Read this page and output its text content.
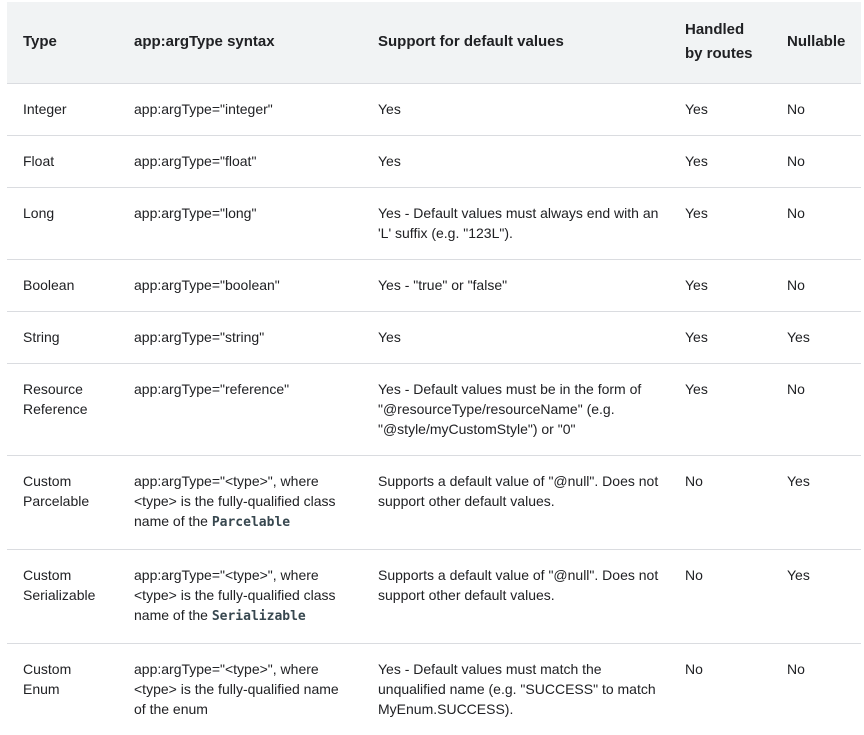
Type	app:argType syntax	Support for default values	Handled by routes	Nullable
Integer	app:argType="integer"	Yes	Yes	No
Float	app:argType="float"	Yes	Yes	No
Long	app:argType="long"	Yes - Default values must always end with an 'L' suffix (e.g. "123L").	Yes	No
Boolean	app:argType="boolean"	Yes - "true" or "false"	Yes	No
String	app:argType="string"	Yes	Yes	Yes
Resource Reference	app:argType="reference"	Yes - Default values must be in the form of "@resourceType/resourceName" (e.g. "@style/myCustomStyle") or "0"	Yes	No
Custom Parcelable	app:argType="<type>", where <type> is the fully-qualified class name of the Parcelable	Supports a default value of "@null". Does not support other default values.	No	Yes
Custom Serializable	app:argType="<type>", where <type> is the fully-qualified class name of the Serializable	Supports a default value of "@null". Does not support other default values.	No	Yes
Custom Enum	app:argType="<type>", where <type> is the fully-qualified name of the enum	Yes - Default values must match the unqualified name (e.g. "SUCCESS" to match MyEnum.SUCCESS).	No	No
